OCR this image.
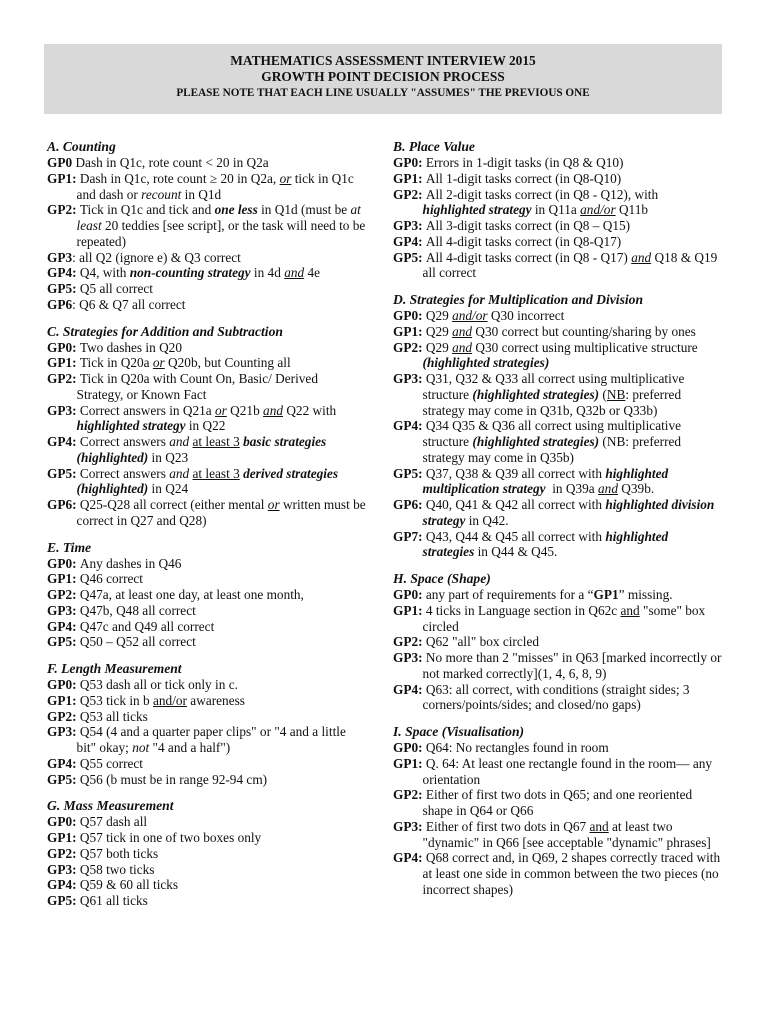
MATHEMATICS ASSESSMENT INTERVIEW 2015
GROWTH POINT DECISION PROCESS
PLEASE NOTE THAT EACH LINE USUALLY "ASSUMES" THE PREVIOUS ONE
A. Counting
GP0 Dash in Q1c, rote count < 20 in Q2a
GP1: Dash in Q1c, rote count ≥ 20 in Q2a, or tick in Q1c and dash or recount in Q1d
GP2: Tick in Q1c and tick and one less in Q1d (must be at least 20 teddies [see script], or the task will need to be repeated)
GP3 : all Q2 (ignore e) & Q3 correct
GP4: Q4, with non-counting strategy in 4d and 4e
GP5: Q5 all correct
GP6 : Q6 & Q7 all correct
C. Strategies for Addition and Subtraction
GP0: Two dashes in Q20
GP1: Tick in Q20a or Q20b, but Counting all
GP2: Tick in Q20a with Count On, Basic/ Derived Strategy, or Known Fact
GP3: Correct answers in Q21a or Q21b and Q22 with highlighted strategy in Q22
GP4: Correct answers and at least 3 basic strategies (highlighted) in Q23
GP5: Correct answers and at least 3 derived strategies (highlighted) in Q24
GP6: Q25-Q28 all correct (either mental or written must be correct in Q27 and Q28)
E. Time
GP0: Any dashes in Q46
GP1: Q46 correct
GP2: Q47a, at least one day, at least one month,
GP3: Q47b, Q48 all correct
GP4: Q47c and Q49 all correct
GP5: Q50 – Q52 all correct
F. Length Measurement
GP0: Q53 dash all or tick only in c.
GP1: Q53 tick in b and/or awareness
GP2: Q53 all ticks
GP3: Q54 (4 and a quarter paper clips" or "4 and a little bit" okay; not "4 and a half")
GP4: Q55 correct
GP5: Q56 (b must be in range 92-94 cm)
G. Mass Measurement
GP0: Q57 dash all
GP1: Q57 tick in one of two boxes only
GP2: Q57 both ticks
GP3: Q58 two ticks
GP4: Q59 & 60 all ticks
GP5: Q61 all ticks
B. Place Value
GP0: Errors in 1-digit tasks (in Q8 & Q10)
GP1: All 1-digit tasks correct (in Q8-Q10)
GP2: All 2-digit tasks correct (in Q8 - Q12), with highlighted strategy in Q11a and/or Q11b
GP3: All 3-digit tasks correct (in Q8 – Q15)
GP4: All 4-digit tasks correct (in Q8-Q17)
GP5: All 4-digit tasks correct (in Q8 - Q17) and Q18 & Q19 all correct
D. Strategies for Multiplication and Division
GP0: Q29 and/or Q30 incorrect
GP1: Q29 and Q30 correct but counting/sharing by ones
GP2: Q29 and Q30 correct using multiplicative structure (highlighted strategies)
GP3: Q31, Q32 & Q33 all correct using multiplicative structure (highlighted strategies) (NB: preferred strategy may come in Q31b, Q32b or Q33b)
GP4: Q34 Q35 & Q36 all correct using multiplicative structure (highlighted strategies) (NB: preferred strategy may come in Q35b)
GP5: Q37, Q38 & Q39 all correct with highlighted multiplication strategy  in Q39a and Q39b.
GP6: Q40, Q41 & Q42 all correct with highlighted division strategy in Q42.
GP7: Q43, Q44 & Q45 all correct with highlighted strategies in Q44 & Q45.
H. Space (Shape)
GP0: any part of requirements for a “GP1” missing.
GP1: 4 ticks in Language section in Q62c and "some" box circled
GP2: Q62 "all" box circled
GP3: No more than 2 "misses" in Q63 [marked incorrectly or not marked correctly](1, 4, 6, 8, 9)
GP4: Q63: all correct, with conditions (straight sides; 3 corners/points/sides; and closed/no gaps)
I. Space (Visualisation)
GP0: Q64: No rectangles found in room
GP1: Q. 64: At least one rectangle found in the room— any orientation
GP2: Either of first two dots in Q65; and one reoriented shape in Q64 or Q66
GP3: Either of first two dots in Q67 and at least two "dynamic" in Q66 [see acceptable "dynamic" phrases]
GP4: Q68 correct and, in Q69, 2 shapes correctly traced with at least one side in common between the two pieces (no incorrect shapes)
